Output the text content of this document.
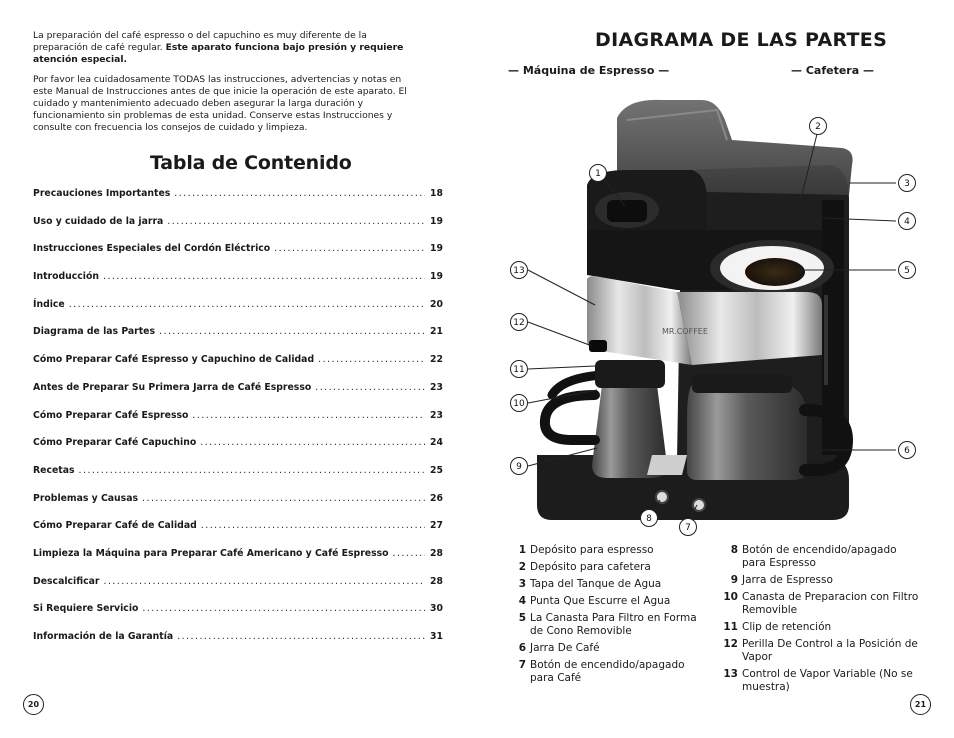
La preparación del café espresso o del capuchino es muy diferente de la preparación de café regular. Este aparato funciona bajo presión y requiere atención especial.

Por favor lea cuidadosamente TODAS las instrucciones, advertencias y notas en este Manual de Instrucciones antes de que inicie la operación de este aparato. El cuidado y mantenimiento adecuado deben asegurar la larga duración y funcionamiento sin problemas de esta unidad. Conserve estas Instrucciones y consulte con frecuencia los consejos de cuidado y limpieza.

Tabla de Contenido
Precauciones Importantes .....	18
Uso y cuidado de la jarra .....	19
Instrucciones Especiales del Cordón Eléctrico .....	19
Introducción .....	19
Índice .....	20
Diagrama de las Partes .....	21
Cómo Preparar Café Espresso y Capuchino de Calidad .....	22
Antes de Preparar Su Primera Jarra de Café Espresso .....	23
Cómo Preparar Café Espresso .....	23
Cómo Preparar Café Capuchino .....	24
Recetas .....	25
Problemas y Causas .....	26
Cómo Preparar Café de Calidad .....	27
Limpieza la Máquina para Preparar Café Americano y Café Espresso .....	28
Descalcificar .....	28
Si Requiere Servicio .....	30
Información de la Garantía .....	31
20
DIAGRAMA DE LAS PARTES
— Máquina de Espresso —	— Cafetera —
MR.COFFEE
1
2
3
4
5
6
7
8
9
10
11
12
13
1 Depósito para espresso
2 Depósito para cafetera
3 Tapa del Tanque de Agua
4 Punta Que Escurre el Agua
5 La Canasta Para Filtro en Forma de Cono Removible
6 Jarra De Café
7 Botón de encendido/apagado para Café
8 Botón de encendido/apagado para Espresso
9 Jarra de Espresso
10 Canasta de Preparacion con Filtro Removible
11 Clip de retención
12 Perilla De Control a la Posición de Vapor
13 Control de Vapor Variable (No se muestra)
21
